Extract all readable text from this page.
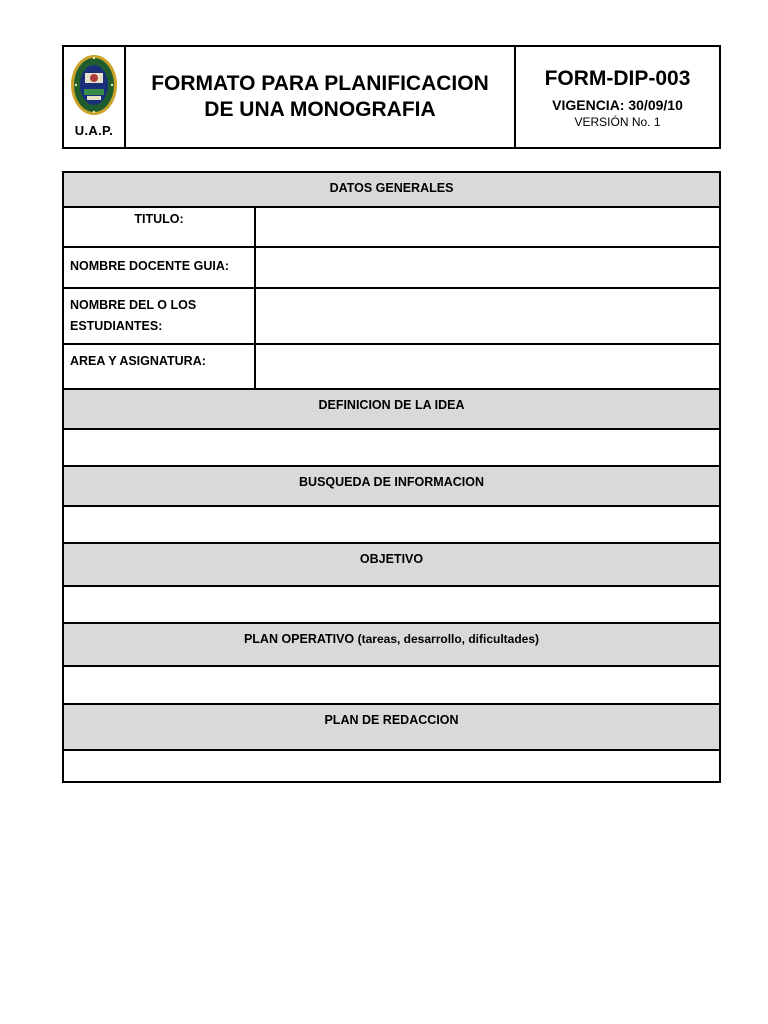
U.A.P.
FORMATO PARA PLANIFICACION
DE UNA MONOGRAFIA
FORM-DIP-003
VIGENCIA: 30/09/10
VERSIÓN No. 1
DATOS GENERALES
TITULO:
NOMBRE DOCENTE GUIA:
NOMBRE DEL O LOS
ESTUDIANTES:
AREA Y ASIGNATURA:
DEFINICION DE LA IDEA
BUSQUEDA DE INFORMACION
OBJETIVO
PLAN OPERATIVO (tareas, desarrollo, dificultades)
PLAN DE REDACCION
